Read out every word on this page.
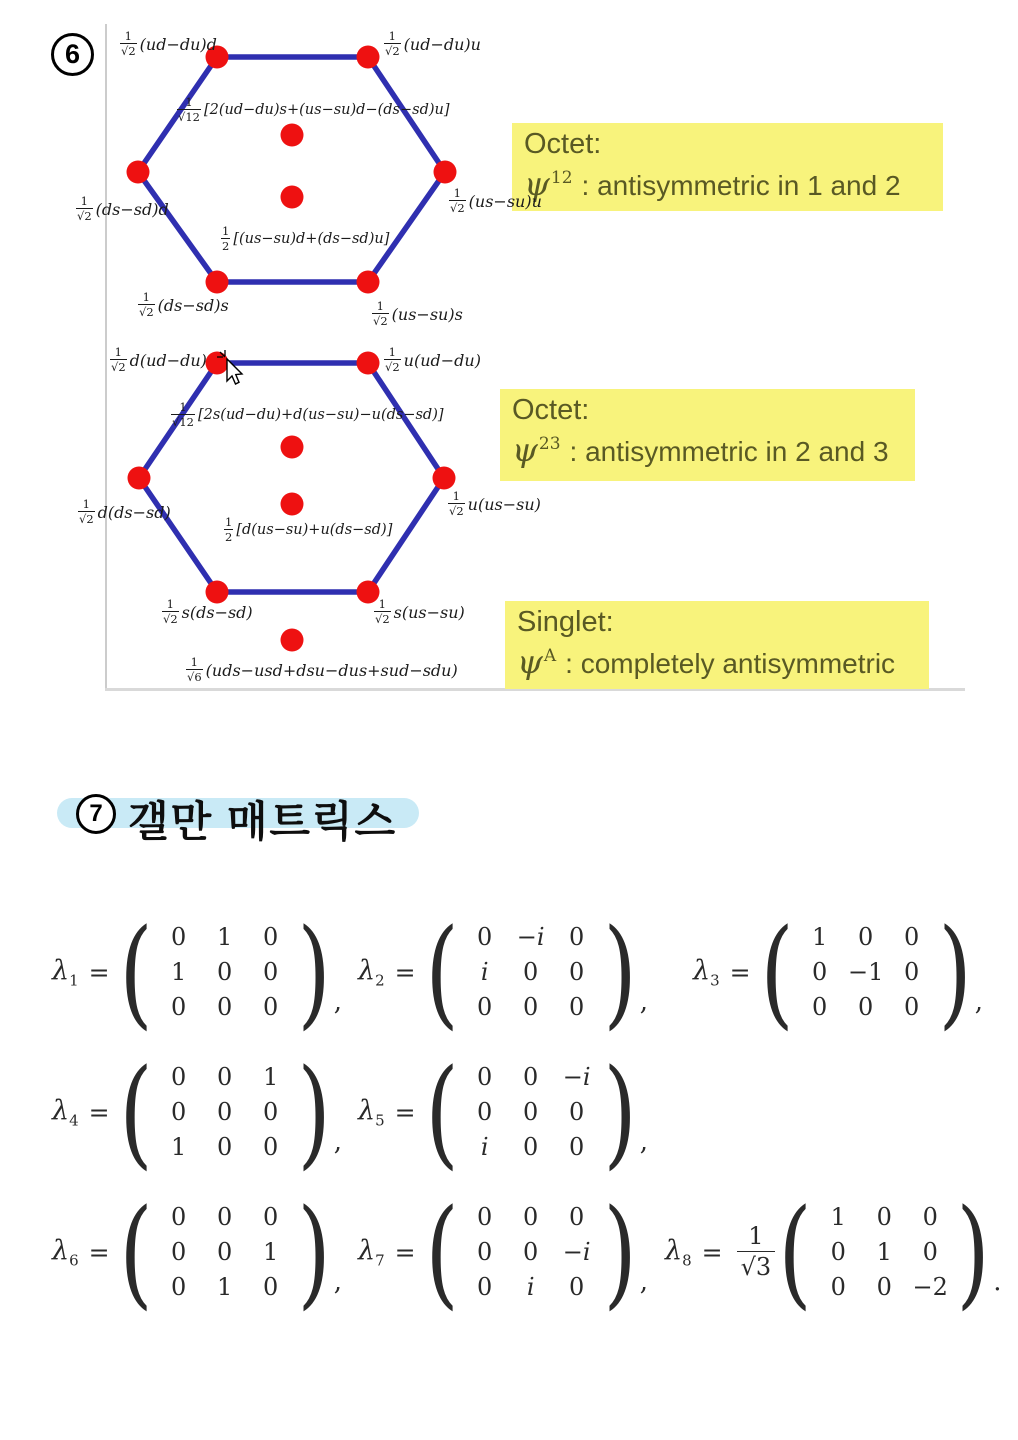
6
1
√2 (ud−du)d	1
√2 (ud−du)u
1
√12 [2(ud−du)s+(us−su)d−(ds−sd)u]
1
√2 (ds−sd)d
1
√2 (us−su)u
1
2 [(us−su)d+(ds−sd)u]
1
√2 (ds−sd)s	1
√2 (us−su)s
1
√2 d(ud−du)	1
√2 u(ud−du)
1
√12 [2s(ud−du)+d(us−su)−u(ds−sd)]
1
√2 d(ds−sd)
1
√2 u(us−su)
1
2 [d(us−su)+u(ds−sd)]
1
√2 s(ds−sd)	1
√2 s(us−su)
1
√6 (uds−usd+dsu−dus+sud−sdu)
Octet:
$\psi^{12}$ : antisymmetric in 1 and 2
Octet:
$\psi^{23}$ : antisymmetric in 2 and 3
Singlet:
$\psi^A$ : completely antisymmetric
7 갤만 매트릭스
$\lambda_1$ = ( 0 1 0
1 0 0
0 0 0 ) ,
$\lambda_2$ = ( 0 −i 0
i 0 0
0 0 0 ) ,
$\lambda_3$ = ( 1 0 0
0 −1 0
0 0 0 ) ,
$\lambda_4$ = ( 0 0 1
0 0 0
1 0 0 ) ,
$\lambda_5$ = ( 0 0 −i
0 0 0
i 0 0 ) ,
$\lambda_6$ = ( 0 0 0
0 0 1
0 1 0 ) ,
$\lambda_7$ = ( 0 0 0
0 0 −i
0 i 0 ) ,
$\lambda_8 = \frac{1}{√3}$ ( 1 0 0
0 1 0
0 0 −2 ) .
